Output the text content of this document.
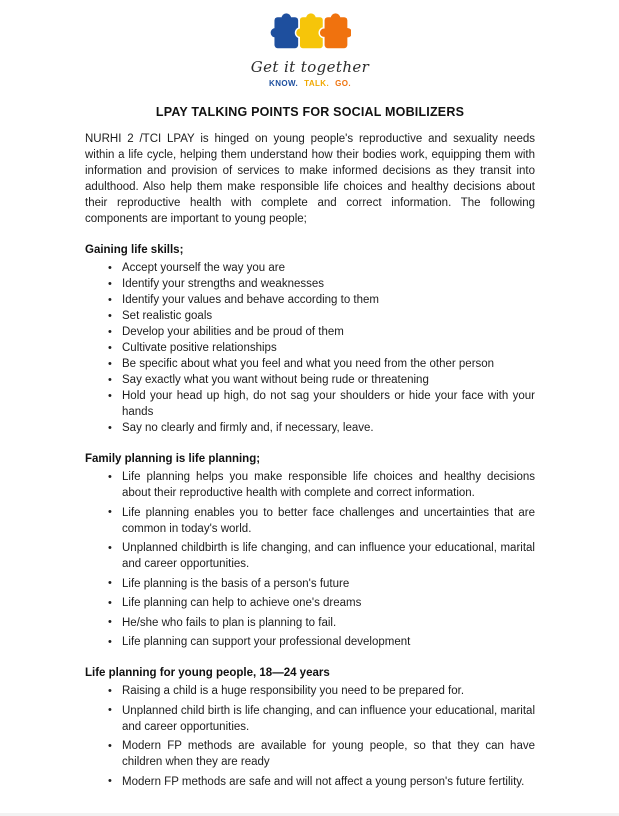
Get it together
KNOW. TALK. GO.
LPAY TALKING POINTS FOR SOCIAL MOBILIZERS

NURHI 2 /TCI LPAY is hinged on young people's reproductive and sexuality needs within a life cycle, helping them understand how their bodies work, equipping them with information and provision of services to make informed decisions as they transit into adulthood. Also help them make responsible life choices and healthy decisions about their reproductive health with complete and correct information. The following components are important to young people;

Gaining life skills;
• Accept yourself the way you are
• Identify your strengths and weaknesses
• Identify your values and behave according to them
• Set realistic goals
• Develop your abilities and be proud of them
• Cultivate positive relationships
• Be specific about what you feel and what you need from the other person
• Say exactly what you want without being rude or threatening
• Hold your head up high, do not sag your shoulders or hide your face with your hands
• Say no clearly and firmly and, if necessary, leave.
Family planning is life planning;
• Life planning helps you make responsible life choices and healthy decisions about their reproductive health with complete and correct information.
• Life planning enables you to better face challenges and uncertainties that are common in today's world.
• Unplanned childbirth is life changing, and can influence your educational, marital and career opportunities.
• Life planning is the basis of a person's future
• Life planning can help to achieve one's dreams
• He/she who fails to plan is planning to fail.
• Life planning can support your professional development
Life planning for young people, 18—24 years
• Raising a child is a huge responsibility you need to be prepared for.
• Unplanned child birth is life changing, and can influence your educational, marital and career opportunities.
• Modern FP methods are available for young people, so that they can have children when they are ready
• Modern FP methods are safe and will not affect a young person's future fertility.
